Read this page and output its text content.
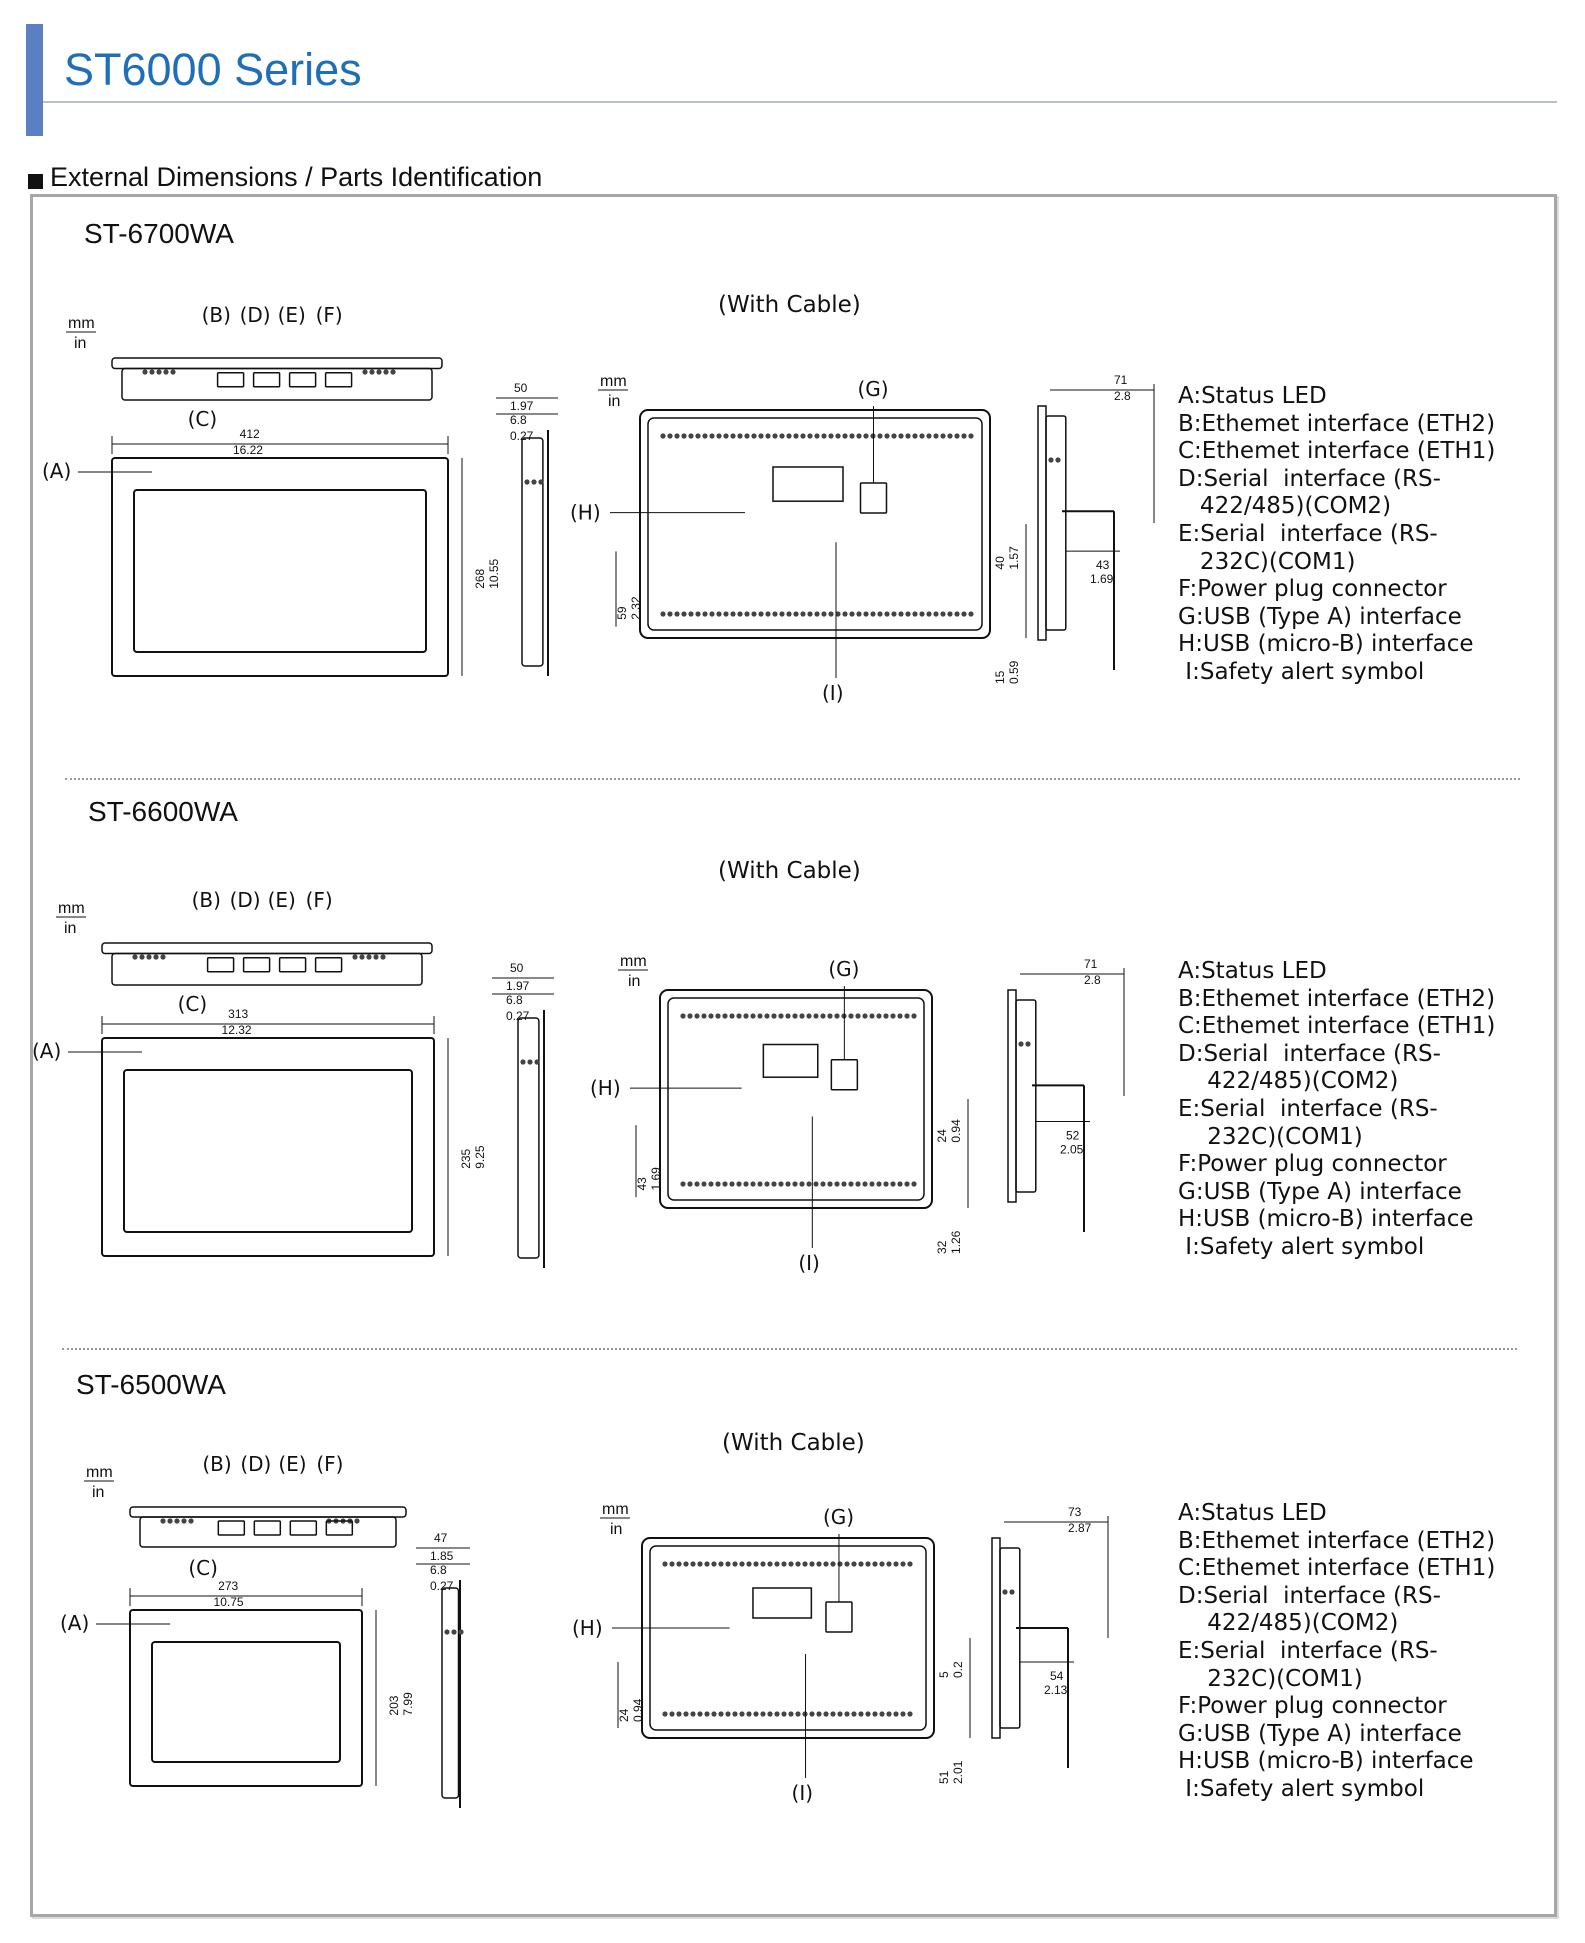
ST6000 Series
External Dimensions / Parts Identification
ST-6700WA
(With Cable)
A:Status LED
B:Ethemet interface (ETH2)
C:Ethemet interface (ETH1)
D:Serial  interface (RS-
422/485)(COM2)
E:Serial  interface (RS-
232C)(COM1)
F:Power plug connector
G:USB (Type A) interface
H:USB (micro-B) interface
I:Safety alert symbol
mm
in
(B) (D) (E) (F)
(C)
412
16.22
(A)
268 10.55
50
1.97
6.8
0.27
mm
in
(G)
(H)
(I)
59 2.32
40 1.57
15 0.59
71
2.8
43
1.69
ST-6600WA
(With Cable)
A:Status LED
B:Ethemet interface (ETH2)
C:Ethemet interface (ETH1)
D:Serial  interface (RS-
422/485)(COM2)
E:Serial  interface (RS-
232C)(COM1)
F:Power plug connector
G:USB (Type A) interface
H:USB (micro-B) interface
I:Safety alert symbol
mm
in
(B) (D) (E) (F)
(C) 313
12.32
(A)
235 9.25
50
1.97
6.8
0.27
mm
in
(G)
(H)
(I)
43 1.69
24 0.94
32 1.26
71
2.8
52
2.05
ST-6500WA
(With Cable)
A:Status LED
B:Ethemet interface (ETH2)
C:Ethemet interface (ETH1)
D:Serial  interface (RS-
422/485)(COM2)
E:Serial  interface (RS-
232C)(COM1)
F:Power plug connector
G:USB (Type A) interface
H:USB (micro-B) interface
I:Safety alert symbol
mm
in
(B) (D) (E) (F)
(C)
273
10.75
(A)
203 7.99
47
1.85
6.8
0.27
mm
in
(G)
(H)
(I)
24 0.94
5 0.2
51 2.01
73
2.87
54
2.13
